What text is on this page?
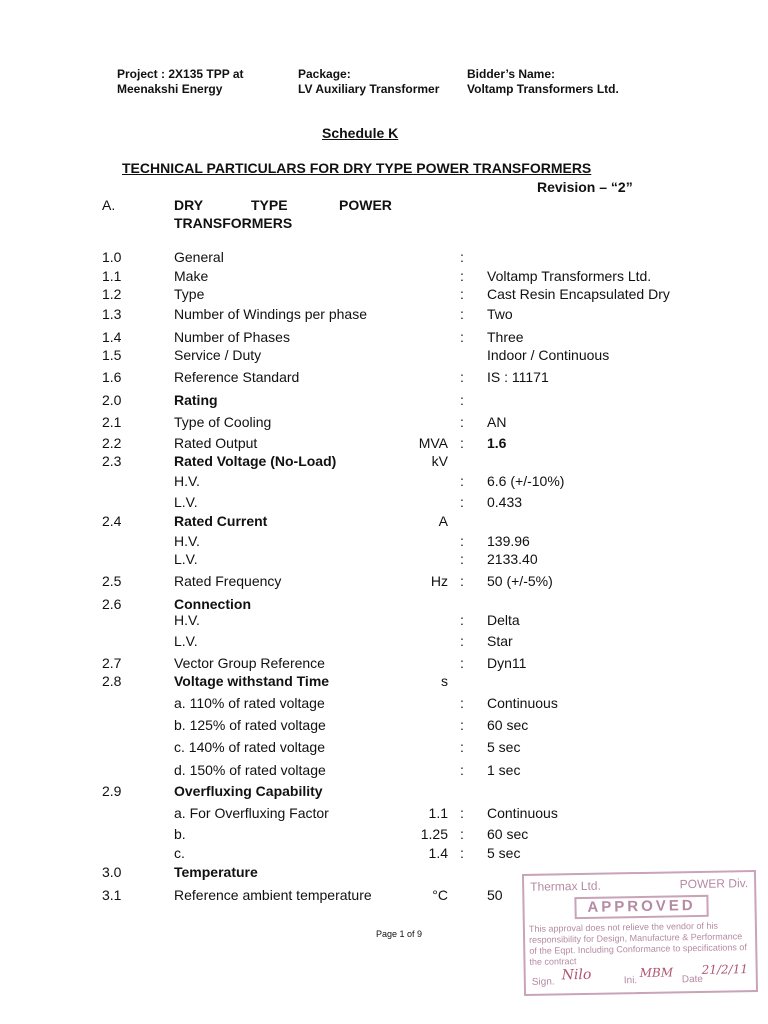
Project : 2X135 TPP at
Meenakshi Energy
Package:
LV Auxiliary Transformer
Bidder’s Name:
Voltamp Transformers Ltd.
Schedule K
TECHNICAL PARTICULARS FOR DRY TYPE POWER TRANSFORMERS
Revision – “2”
A.	DRY	TYPE	POWER
TRANSFORMERS
1.0	General	:
1.1	Make	: Voltamp Transformers Ltd.
1.2	Type	: Cast Resin Encapsulated Dry
1.3	Number of Windings per phase	: Two
1.4	Number of Phases	: Three
1.5	Service / Duty	Indoor / Continuous
1.6	Reference Standard	: IS : 11171
2.0	Rating	:
2.1	Type of Cooling	: AN
2.2	Rated Output	MVA : 1.6
2.3	Rated Voltage (No-Load)	kV
H.V.	: 6.6 (+/-10%)
L.V.	: 0.433
2.4	Rated Current	A
H.V.	: 139.96
L.V.	: 2133.40
2.5	Rated Frequency	Hz : 50 (+/-5%)
2.6	Connection
H.V.	: Delta
L.V.	: Star
2.7	Vector Group Reference	: Dyn11
2.8	Voltage withstand Time	s
a. 110% of rated voltage	: Continuous
b. 125% of rated voltage	: 60 sec
c. 140% of rated voltage	: 5 sec
d. 150% of rated voltage	: 1 sec
2.9	Overfluxing Capability
a. For Overfluxing Factor	1.1 : Continuous
b.	1.25 : 60 sec
c.	1.4 : 5 sec
3.0	Temperature
3.1	Reference ambient temperature	°C	50
Page 1 of 9
Thermax Ltd.	POWER Div.
APPROVED
This approval does not relieve the vendor of his responsibility for Design, Manufacture & Performance of the Eqpt. Including Conformance to specifications of the contract
Sign. Nilo	Ini.
MBM Date
21/2/11
